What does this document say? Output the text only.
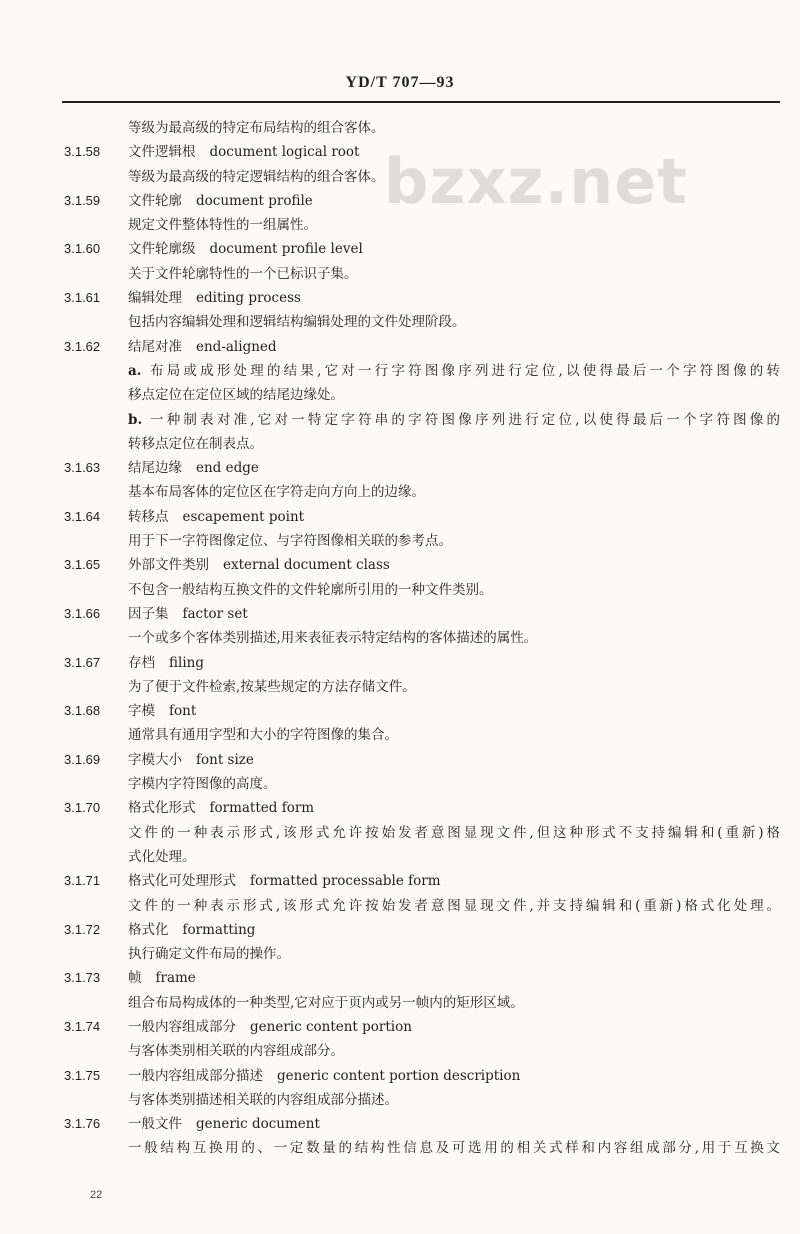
YD/T 707—93
bzxz.net
等级为最高级的特定布局结构的组合客体。
3.1.58	文件逻辑根 document logical root
等级为最高级的特定逻辑结构的组合客体。
3.1.59	文件轮廓 document profile
规定文件整体特性的一组属性。
3.1.60	文件轮廓级 document profile level
关于文件轮廓特性的一个已标识子集。
3.1.61	编辑处理 editing process
包括内容编辑处理和逻辑结构编辑处理的文件处理阶段。
3.1.62	结尾对准 end-aligned
a. 布局或成形处理的结果,它对一行字符图像序列进行定位,以使得最后一个字符图像的转
移点定位在定位区域的结尾边缘处。
b. 一种制表对准,它对一特定字符串的字符图像序列进行定位,以使得最后一个字符图像的
转移点定位在制表点。
3.1.63	结尾边缘 end edge
基本布局客体的定位区在字符走向方向上的边缘。
3.1.64	转移点 escapement point
用于下一字符图像定位、与字符图像相关联的参考点。
3.1.65	外部文件类别 external document class
不包含一般结构互换文件的文件轮廓所引用的一种文件类别。
3.1.66	因子集 factor set
一个或多个客体类别描述,用来表征表示特定结构的客体描述的属性。
3.1.67	存档 filing
为了便于文件检索,按某些规定的方法存储文件。
3.1.68	字模 font
通常具有通用字型和大小的字符图像的集合。
3.1.69	字模大小 font size
字模内字符图像的高度。
3.1.70	格式化形式 formatted form
文件的一种表示形式,该形式允许按始发者意图显现文件,但这种形式不支持编辑和(重新)格
式化处理。
3.1.71	格式化可处理形式 formatted processable form
文件的一种表示形式,该形式允许按始发者意图显现文件,并支持编辑和(重新)格式化处理。
3.1.72	格式化 formatting
执行确定文件布局的操作。
3.1.73	帧 frame
组合布局构成体的一种类型,它对应于页内或另一帧内的矩形区域。
3.1.74	一般内容组成部分 generic content portion
与客体类别相关联的内容组成部分。
3.1.75	一般内容组成部分描述 generic content portion description
与客体类别描述相关联的内容组成部分描述。
3.1.76	一般文件 generic document
一般结构互换用的、一定数量的结构性信息及可选用的相关式样和内容组成部分,用于互换文
22
